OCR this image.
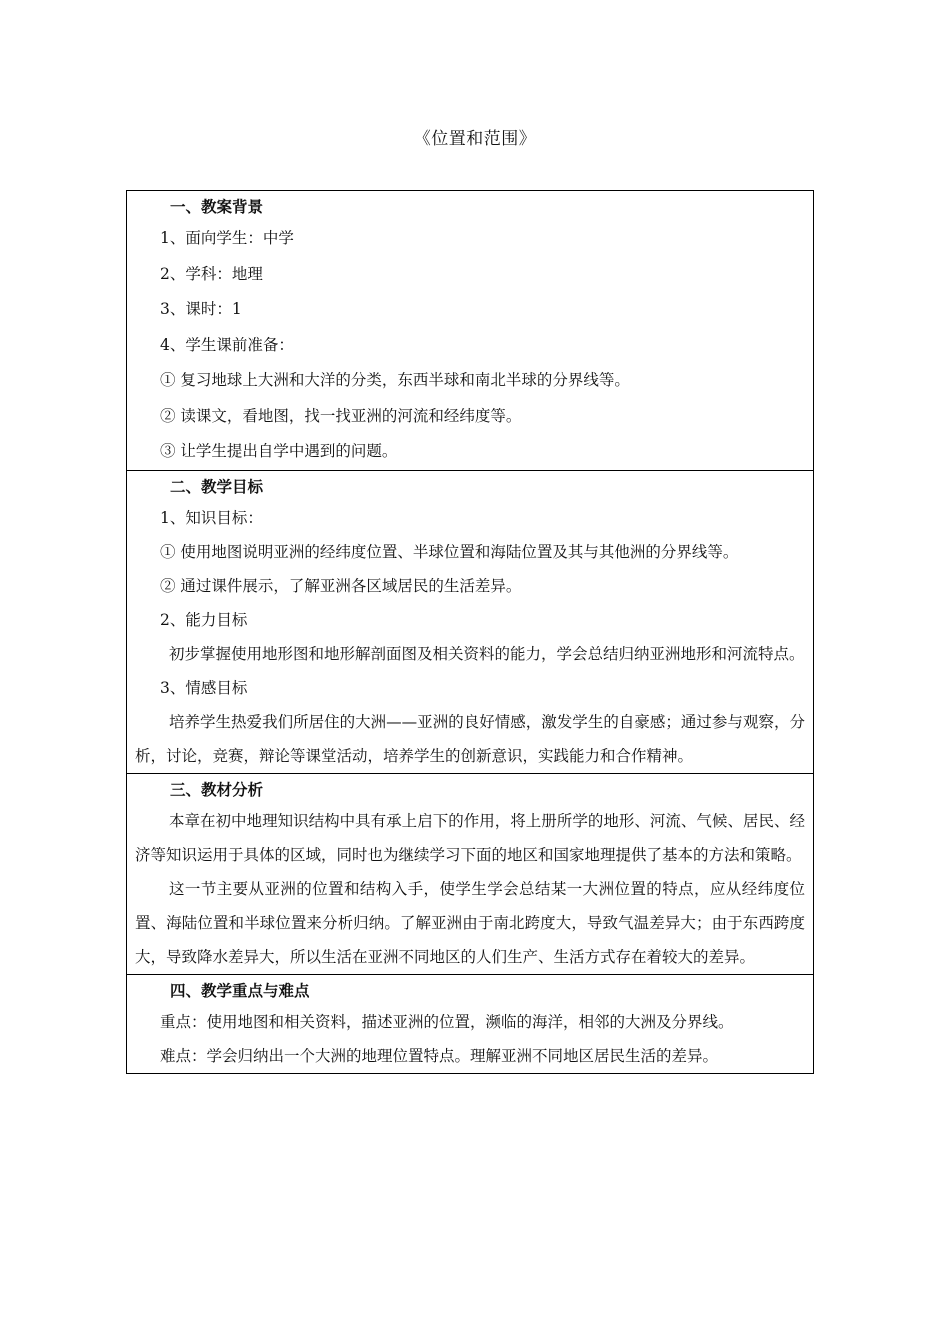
《位置和范围》
一、教案背景
1、面向学生：中学
2、学科：地理
3、课时：1
4、学生课前准备：
① 复习地球上大洲和大洋的分类，东西半球和南北半球的分界线等。
② 读课文，看地图，找一找亚洲的河流和经纬度等。
③ 让学生提出自学中遇到的问题。
二、教学目标
1、知识目标：
① 使用地图说明亚洲的经纬度位置、半球位置和海陆位置及其与其他洲的分界线等。
② 通过课件展示，了解亚洲各区域居民的生活差异。
2、能力目标
初步掌握使用地形图和地形解剖面图及相关资料的能力，学会总结归纳亚洲地形和河流特点。
3、情感目标
培养学生热爱我们所居住的大洲——亚洲的良好情感，激发学生的自豪感；通过参与观察，分析，讨论，竞赛，辩论等课堂活动，培养学生的创新意识，实践能力和合作精神。
三、教材分析
本章在初中地理知识结构中具有承上启下的作用，将上册所学的地形、河流、气候、居民、经济等知识运用于具体的区域，同时也为继续学习下面的地区和国家地理提供了基本的方法和策略。
这一节主要从亚洲的位置和结构入手，使学生学会总结某一大洲位置的特点，应从经纬度位置、海陆位置和半球位置来分析归纳。了解亚洲由于南北跨度大，导致气温差异大；由于东西跨度大，导致降水差异大，所以生活在亚洲不同地区的人们生产、生活方式存在着较大的差异。
四、教学重点与难点
重点：使用地图和相关资料，描述亚洲的位置，濒临的海洋，相邻的大洲及分界线。
难点：学会归纳出一个大洲的地理位置特点。理解亚洲不同地区居民生活的差异。
